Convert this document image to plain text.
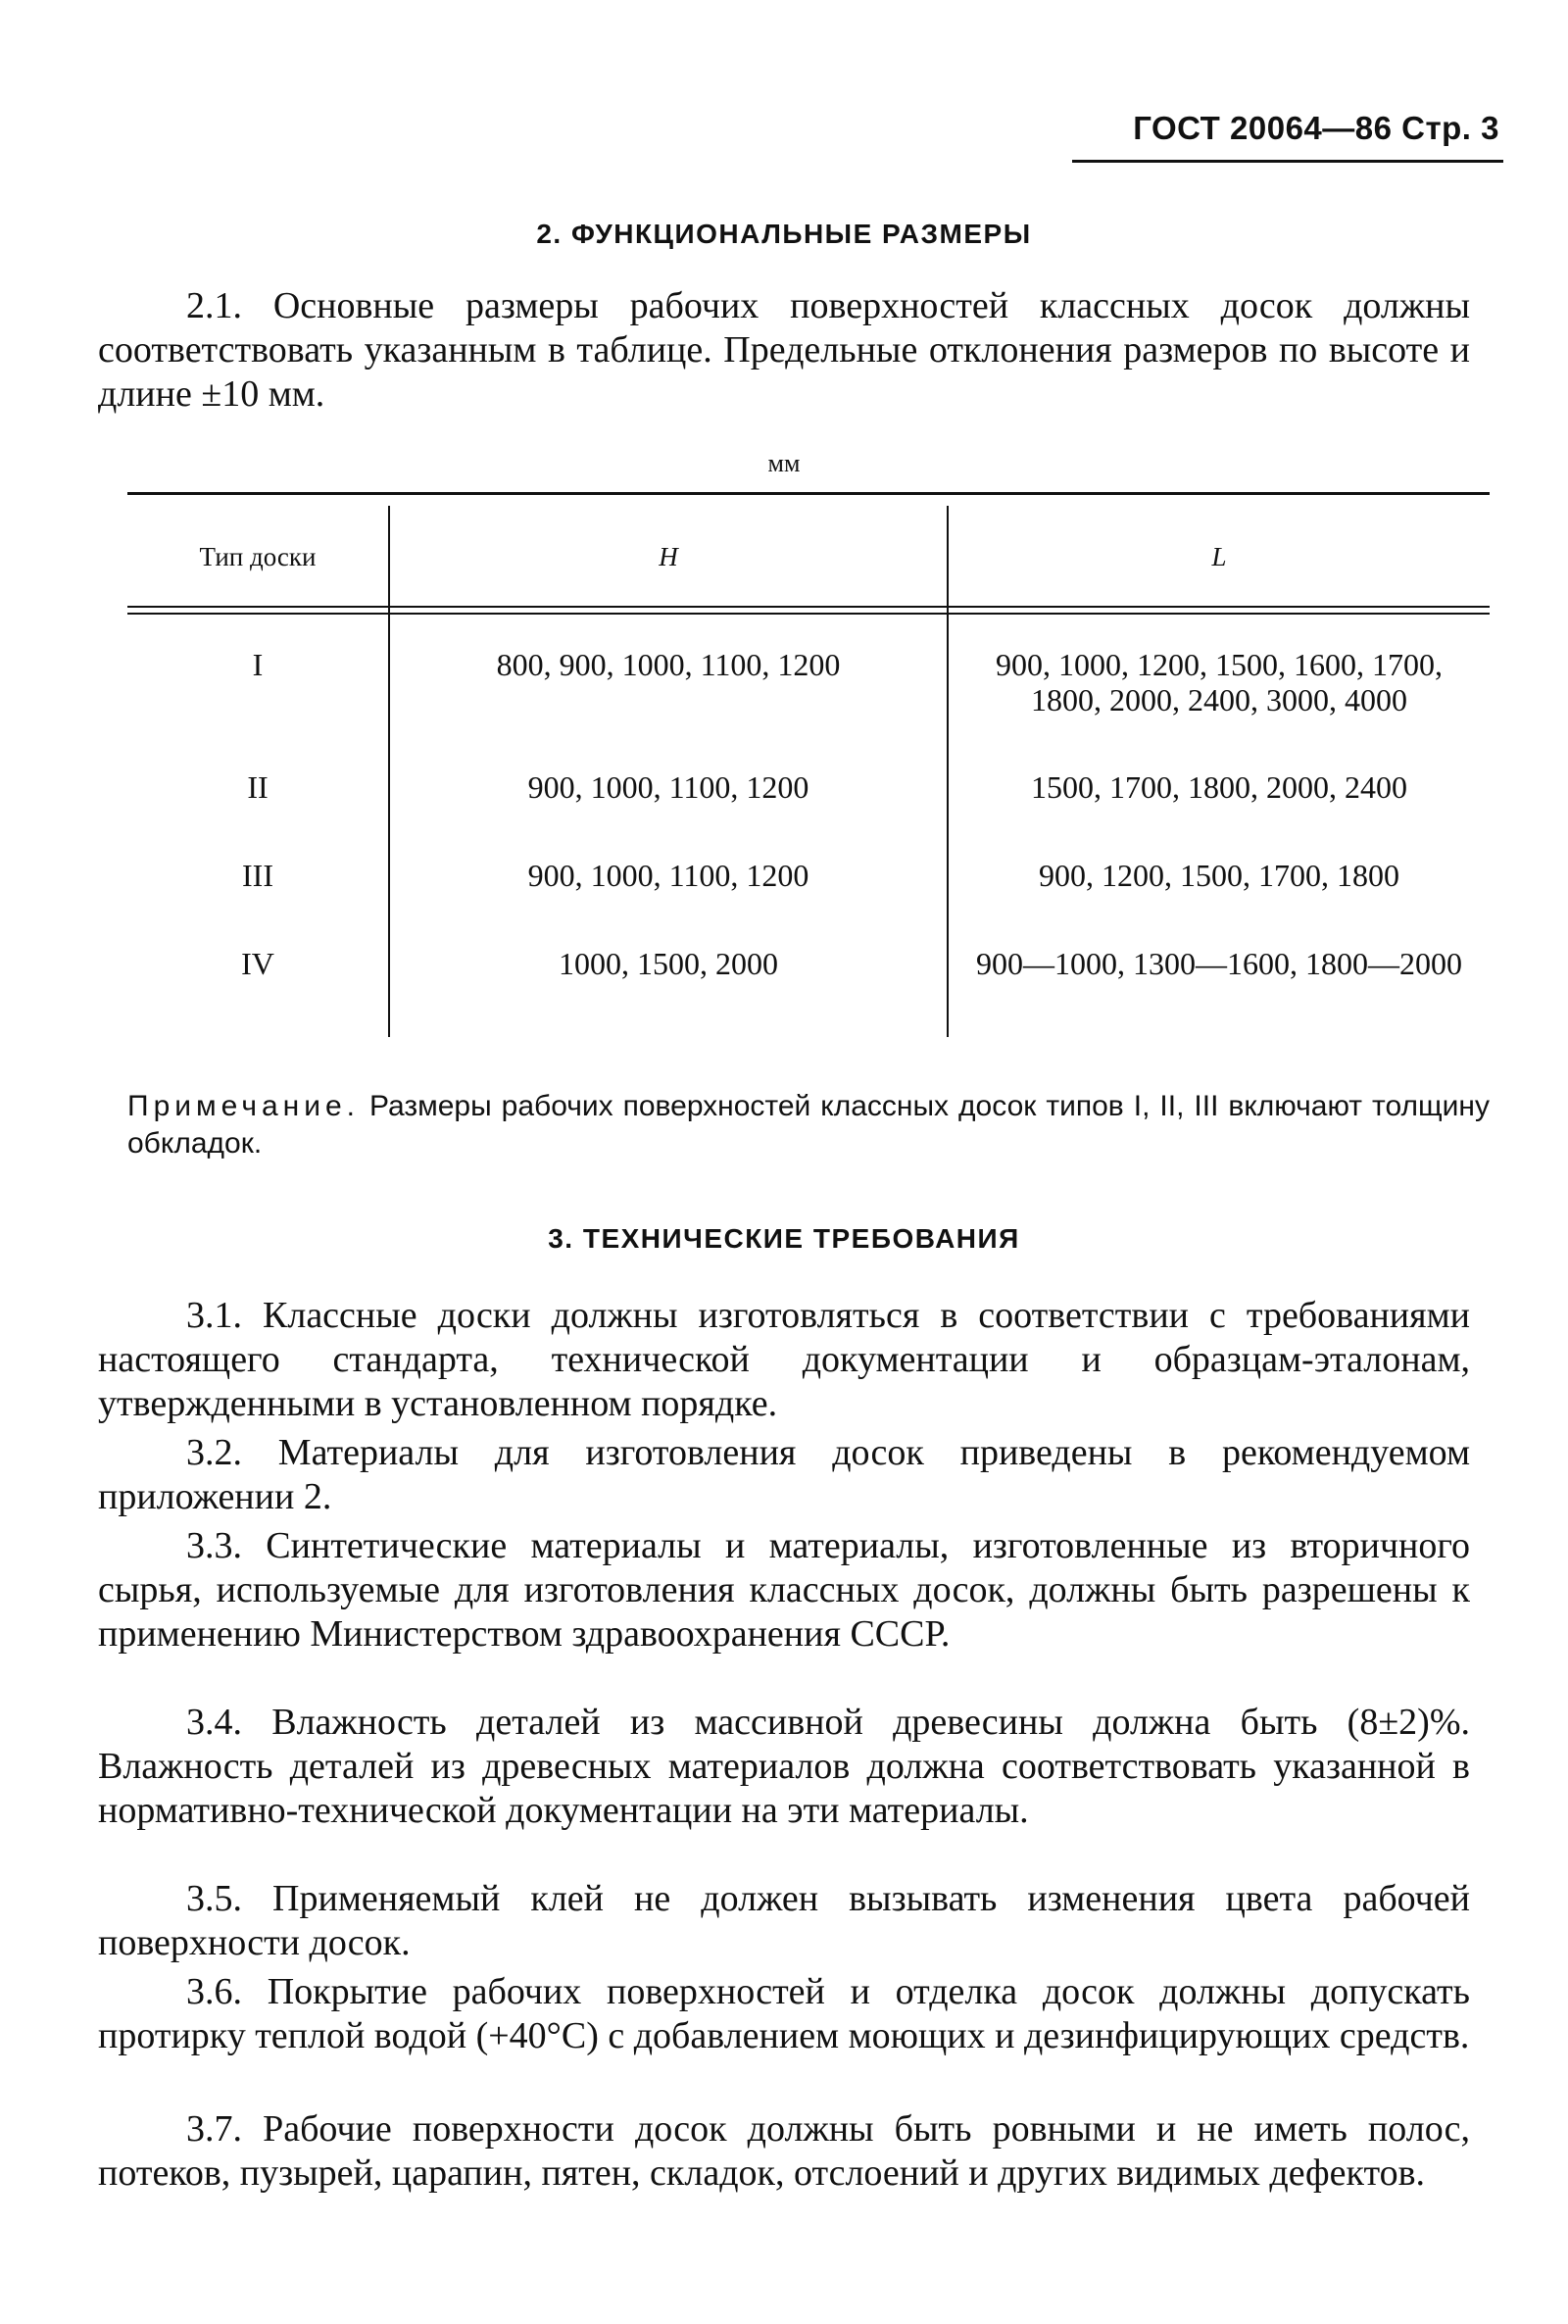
ГОСТ 20064—86 Стр. 3
2. ФУНКЦИОНАЛЬНЫЕ РАЗМЕРЫ
2.1. Основные размеры рабочих поверхностей классных досок должны соответствовать указанным в таблице. Предельные отклонения размеров по высоте и длине ±10 мм.
мм
Тип доски	H	L
I	800, 900, 1000, 1100, 1200	900, 1000, 1200, 1500, 1600, 1700, 1800, 2000, 2400, 3000, 4000
II	900, 1000, 1100, 1200	1500, 1700, 1800, 2000, 2400
III	900, 1000, 1100, 1200	900, 1200, 1500, 1700, 1800
IV	1000, 1500, 2000	900—1000, 1300—1600, 1800—2000
Примечание. Размеры рабочих поверхностей классных досок типов I, II, III включают толщину обкладок.
3. ТЕХНИЧЕСКИЕ ТРЕБОВАНИЯ
3.1. Классные доски должны изготовляться в соответствии с требованиями настоящего стандарта, технической документации и образцам-эталонам, утвержденными в установленном порядке.
3.2. Материалы для изготовления досок приведены в рекомендуемом приложении 2.
3.3. Синтетические материалы и материалы, изготовленные из вторичного сырья, используемые для изготовления классных досок, должны быть разрешены к применению Министерством здравоохранения СССР.
3.4. Влажность деталей из массивной древесины должна быть (8±2)%. Влажность деталей из древесных материалов должна соответствовать указанной в нормативно-технической документации на эти материалы.
3.5. Применяемый клей не должен вызывать изменения цвета рабочей поверхности досок.
3.6. Покрытие рабочих поверхностей и отделка досок должны допускать протирку теплой водой (+40°С) с добавлением моющих и дезинфицирующих средств.
3.7. Рабочие поверхности досок должны быть ровными и не иметь полос, потеков, пузырей, царапин, пятен, складок, отслоений и других видимых дефектов.
